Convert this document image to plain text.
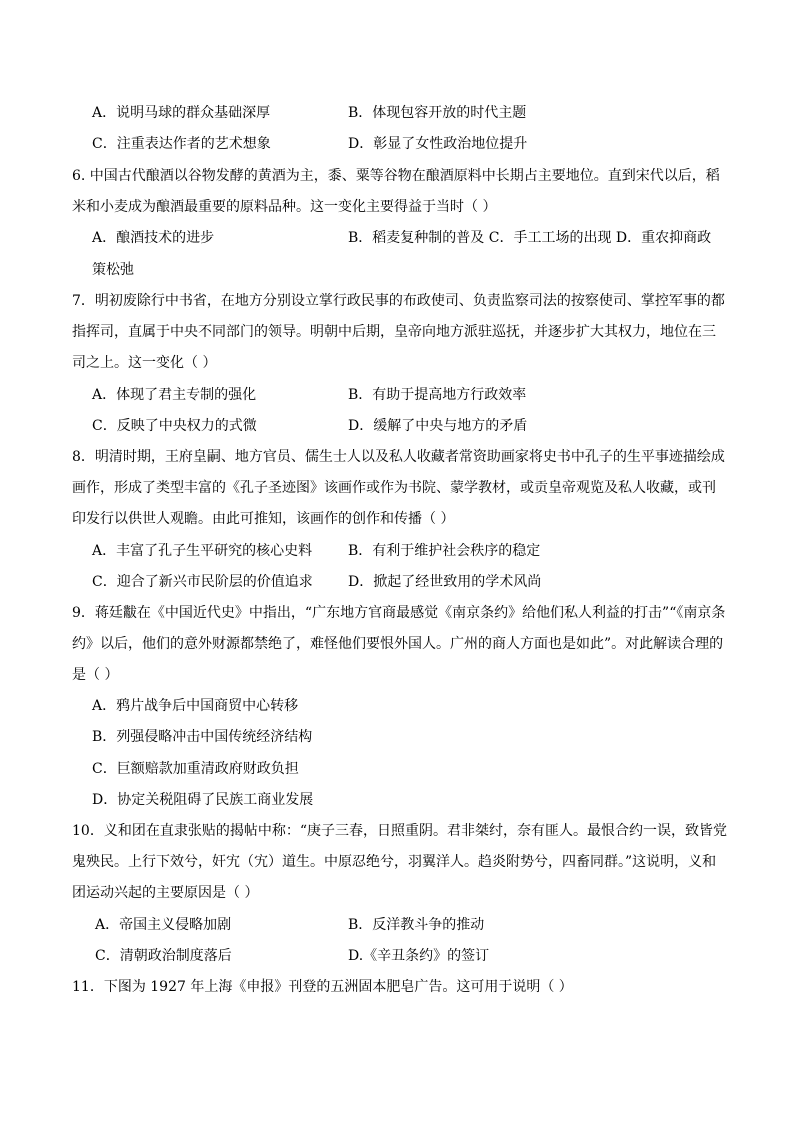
A．说明马球的群众基础深厚	B．体现包容开放的时代主题
C．注重表达作者的艺术想象	D．彰显了女性政治地位提升
6. 中国古代酿酒以谷物发酵的黄酒为主，黍、粟等谷物在酿酒原料中长期占主要地位。直到宋代以后，稻
米和小麦成为酿酒最重要的原料品种。这一变化主要得益于当时（ ）
A．酿酒技术的进步	B．稻麦复种制的普及 C．手工工场的出现 D．重农抑商政
策松弛
7．明初废除行中书省，在地方分别设立掌行政民事的布政使司、负责监察司法的按察使司、掌控军事的都
指挥司，直属于中央不同部门的领导。明朝中后期，皇帝向地方派驻巡抚，并逐步扩大其权力，地位在三
司之上。这一变化（ ）
A．体现了君主专制的强化	B．有助于提高地方行政效率
C．反映了中央权力的式微	D．缓解了中央与地方的矛盾
8．明清时期，王府皇嗣、地方官员、儒生士人以及私人收藏者常资助画家将史书中孔子的生平事迹描绘成
画作，形成了类型丰富的《孔子圣迹图》该画作或作为书院、蒙学教材，或贡皇帝观览及私人收藏，或刊
印发行以供世人观瞻。由此可推知，该画作的创作和传播（ ）
A．丰富了孔子生平研究的核心史料	B．有利于维护社会秩序的稳定
C．迎合了新兴市民阶层的价值追求	D．掀起了经世致用的学术风尚
9．蒋廷黻在《中国近代史》中指出，“广东地方官商最感觉《南京条约》给他们私人利益的打击”“《南京条
约》以后，他们的意外财源都禁绝了，难怪他们要恨外国人。广州的商人方面也是如此”。对此解读合理的
是（ ）
A．鸦片战争后中国商贸中心转移
B．列强侵略冲击中国传统经济结构
C．巨额赔款加重清政府财政负担
D．协定关税阻碍了民族工商业发展
10．义和团在直隶张贴的揭帖中称：“庚子三春，日照重阴。君非桀纣，奈有匪人。最恨合约一误，致皆党
鬼殃民。上行下效兮，奸宄（宄）道生。中原忍绝兮，羽翼洋人。趋炎附势兮，四畜同群。”这说明，义和
团运动兴起的主要原因是（ ）
A．帝国主义侵略加剧	B．反洋教斗争的推动
C．清朝政治制度落后	D.《辛丑条约》的签订
11．下图为 1927 年上海《申报》刊登的五洲固本肥皂广告。这可用于说明（ ）
